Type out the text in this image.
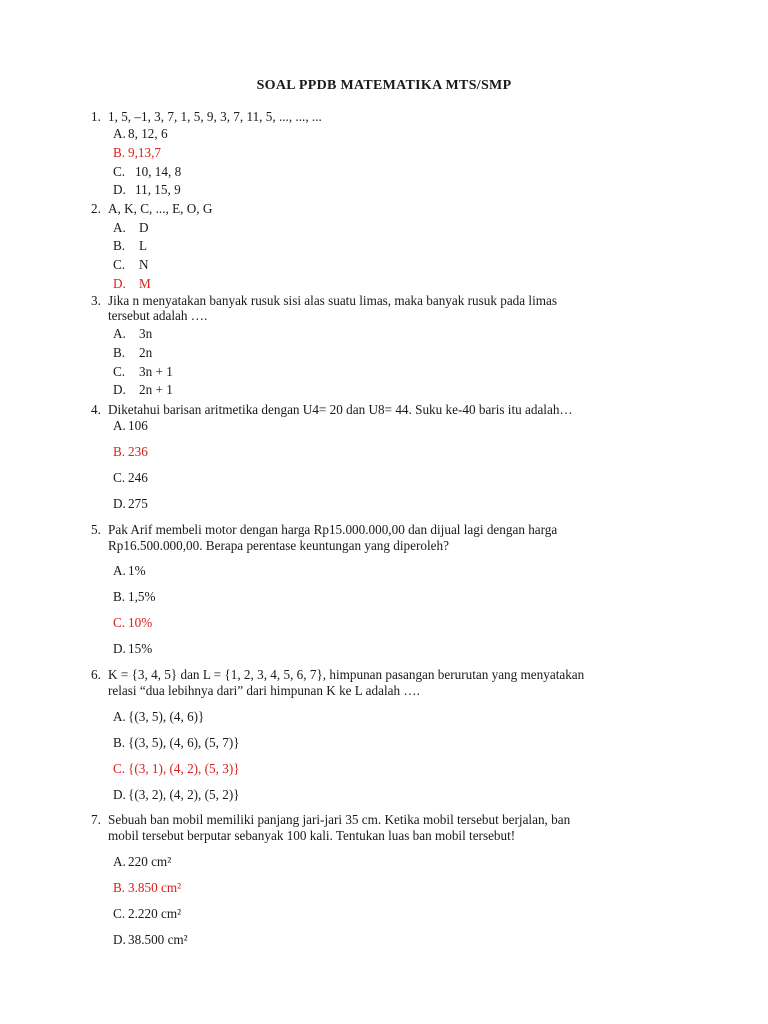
SOAL PPDB MATEMATIKA MTS/SMP
1. 1, 5, –1, 3, 7, 1, 5, 9, 3, 7, 11, 5, ..., ..., ...
A. 8, 12, 6
B. 9,13,7
C. 10, 14, 8
D. 11, 15, 9
2. A, K, C, ..., E, O, G
A. D
B. L
C. N
D. M
3. Jika n menyatakan banyak rusuk sisi alas suatu limas, maka banyak rusuk pada limas
tersebut adalah ….
A. 3n
B. 2n
C. 3n + 1
D. 2n + 1
4. Diketahui barisan aritmetika dengan U4= 20 dan U8= 44. Suku ke-40 baris itu adalah…
A. 106
B. 236
C. 246
D. 275
5. Pak Arif membeli motor dengan harga Rp15.000.000,00 dan dijual lagi dengan harga
Rp16.500.000,00. Berapa perentase keuntungan yang diperoleh?
A. 1%
B. 1,5%
C. 10%
D. 15%
6. K = {3, 4, 5} dan L = {1, 2, 3, 4, 5, 6, 7}, himpunan pasangan berurutan yang menyatakan
relasi “dua lebihnya dari” dari himpunan K ke L adalah ….
A. {(3, 5), (4, 6)}
B. {(3, 5), (4, 6), (5, 7)}
C. {(3, 1), (4, 2), (5, 3)}
D. {(3, 2), (4, 2), (5, 2)}
7. Sebuah ban mobil memiliki panjang jari-jari 35 cm. Ketika mobil tersebut berjalan, ban
mobil tersebut berputar sebanyak 100 kali. Tentukan luas ban mobil tersebut!
A. 220 cm²
B. 3.850 cm²
C. 2.220 cm²
D. 38.500 cm²
